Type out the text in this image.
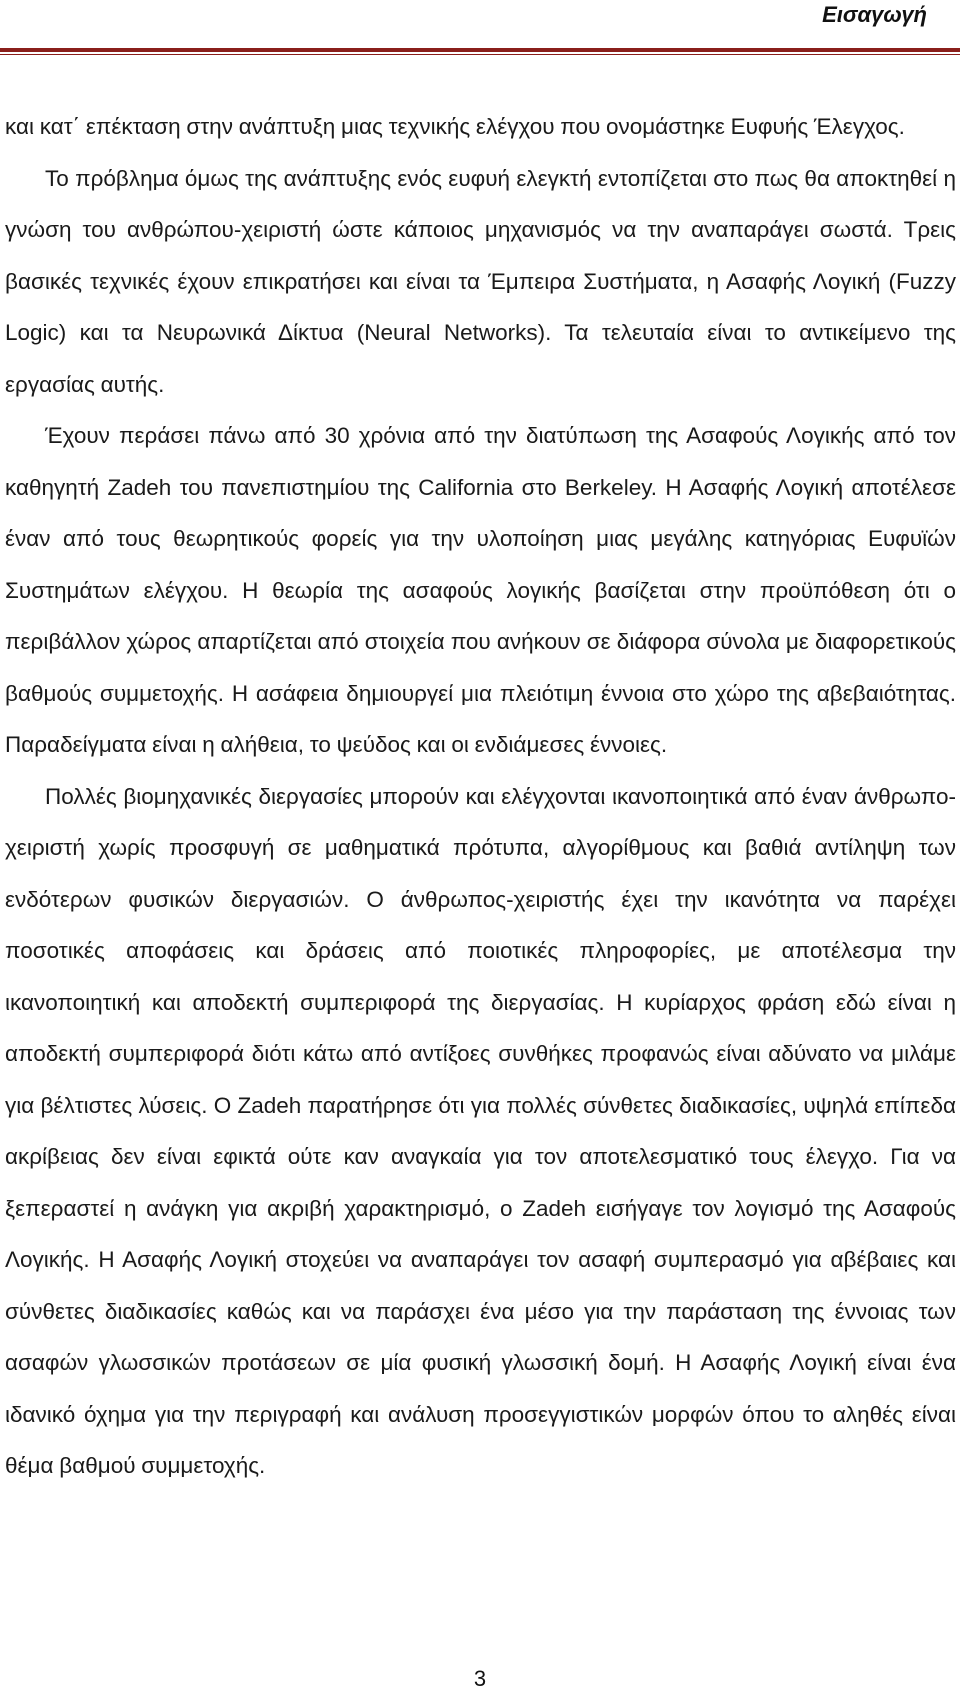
Εισαγωγή

και κατ΄ επέκταση στην ανάπτυξη μιας τεχνικής ελέγχου που ονομάστηκε Ευφυής Έλεγχος.

Το πρόβλημα όμως της ανάπτυξης ενός ευφυή ελεγκτή εντοπίζεται στο πως θα αποκτηθεί η γνώση του ανθρώπου-χειριστή ώστε κάποιος μηχανισμός να την αναπαράγει σωστά. Τρεις βασικές τεχνικές έχουν επικρατήσει και είναι τα Έμπειρα Συστήματα, η Ασαφής Λογική (Fuzzy Logic) και τα Νευρωνικά Δίκτυα (Neural Networks). Τα τελευταία είναι το αντικείμενο της εργασίας αυτής.

Έχουν περάσει πάνω από 30 χρόνια από την διατύπωση της Ασαφούς Λογικής από τον καθηγητή Zadeh του πανεπιστημίου της California στο Berkeley. Η Ασαφής Λογική αποτέλεσε έναν από τους θεωρητικούς φορείς για την υλοποίηση μιας μεγάλης κατηγόριας Ευφυϊών Συστημάτων ελέγχου. Η θεωρία της ασαφούς λογικής βασίζεται στην προϋπόθεση ότι ο περιβάλλον χώρος απαρτίζεται από στοιχεία που ανήκουν σε διάφορα σύνολα με διαφορετικούς βαθμούς συμμετοχής. Η ασάφεια δημιουργεί μια πλειότιμη έννοια στο χώρο της αβεβαιότητας. Παραδείγματα είναι η αλήθεια, το ψεύδος και οι ενδιάμεσες έννοιες.

Πολλές βιομηχανικές διεργασίες μπορούν και ελέγχονται ικανοποιητικά από έναν άνθρωπο-χειριστή χωρίς προσφυγή σε μαθηματικά πρότυπα, αλγορίθμους και βαθιά αντίληψη των ενδότερων φυσικών διεργασιών. Ο άνθρωπος-χειριστής έχει την ικανότητα να παρέχει ποσοτικές αποφάσεις και δράσεις από ποιοτικές πληροφορίες, με αποτέλεσμα την ικανοποιητική και αποδεκτή συμπεριφορά της διεργασίας. Η κυρίαρχος φράση εδώ είναι η αποδεκτή συμπεριφορά διότι κάτω από αντίξοες συνθήκες προφανώς είναι αδύνατο να μιλάμε για βέλτιστες λύσεις. Ο Zadeh παρατήρησε ότι για πολλές σύνθετες διαδικασίες, υψηλά επίπεδα ακρίβειας δεν είναι εφικτά ούτε καν αναγκαία για τον αποτελεσματικό τους έλεγχο. Για να ξεπεραστεί η ανάγκη για ακριβή χαρακτηρισμό, ο Zadeh εισήγαγε τον λογισμό της Ασαφούς Λογικής. Η Ασαφής Λογική στοχεύει να αναπαράγει τον ασαφή συμπερασμό για αβέβαιες και σύνθετες διαδικασίες καθώς και να παράσχει ένα μέσο για την παράσταση της έννοιας των ασαφών γλωσσικών προτάσεων σε μία φυσική γλωσσική δομή. Η Ασαφής Λογική είναι ένα ιδανικό όχημα για την περιγραφή και ανάλυση προσεγγιστικών μορφών όπου το αληθές είναι θέμα βαθμού συμμετοχής.

3
